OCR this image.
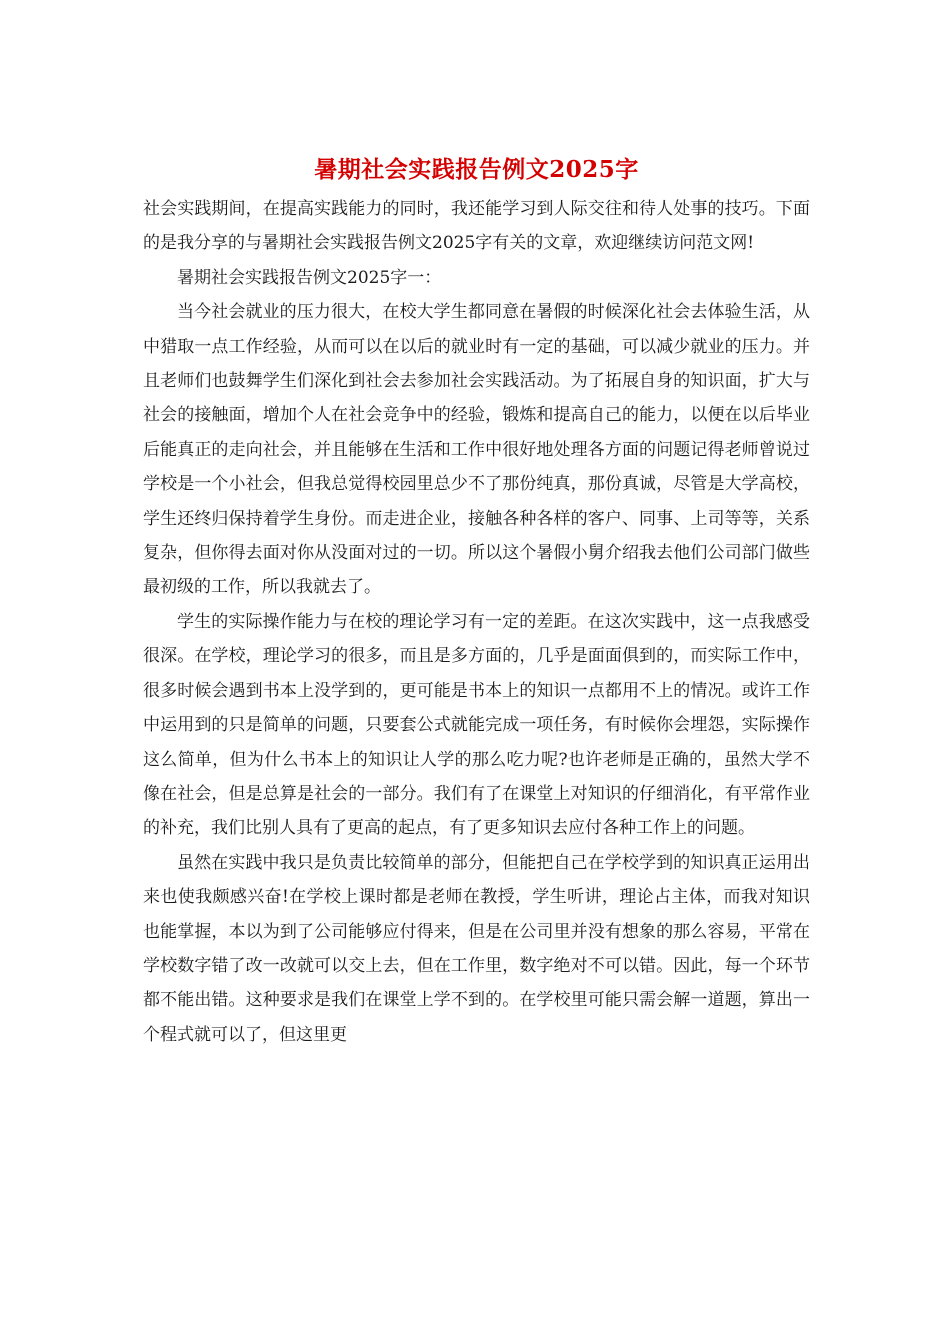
暑期社会实践报告例文2025字

社会实践期间，在提高实践能力的同时，我还能学习到人际交往和待人处事的技巧。下面的是我分享的与暑期社会实践报告例文2025字有关的文章，欢迎继续访问范文网!

暑期社会实践报告例文2025字一：

当今社会就业的压力很大，在校大学生都同意在暑假的时候深化社会去体验生活，从中猎取一点工作经验，从而可以在以后的就业时有一定的基础，可以减少就业的压力。并且老师们也鼓舞学生们深化到社会去参加社会实践活动。为了拓展自身的知识面，扩大与社会的接触面，增加个人在社会竞争中的经验，锻炼和提高自己的能力，以便在以后毕业后能真正的走向社会，并且能够在生活和工作中很好地处理各方面的问题记得老师曾说过学校是一个小社会，但我总觉得校园里总少不了那份纯真，那份真诚，尽管是大学高校，学生还终归保持着学生身份。而走进企业，接触各种各样的客户、同事、上司等等，关系复杂，但你得去面对你从没面对过的一切。所以这个暑假小舅介绍我去他们公司部门做些最初级的工作，所以我就去了。

学生的实际操作能力与在校的理论学习有一定的差距。在这次实践中，这一点我感受很深。在学校，理论学习的很多，而且是多方面的，几乎是面面俱到的，而实际工作中，很多时候会遇到书本上没学到的，更可能是书本上的知识一点都用不上的情况。或许工作中运用到的只是简单的问题，只要套公式就能完成一项任务，有时候你会埋怨，实际操作这么简单，但为什么书本上的知识让人学的那么吃力呢?也许老师是正确的，虽然大学不像在社会，但是总算是社会的一部分。我们有了在课堂上对知识的仔细消化，有平常作业的补充，我们比别人具有了更高的起点，有了更多知识去应付各种工作上的问题。

虽然在实践中我只是负责比较简单的部分，但能把自己在学校学到的知识真正运用出来也使我颇感兴奋!在学校上课时都是老师在教授，学生听讲，理论占主体，而我对知识也能掌握，本以为到了公司能够应付得来，但是在公司里并没有想象的那么容易，平常在学校数字错了改一改就可以交上去，但在工作里，数字绝对不可以错。因此，每一个环节都不能出错。这种要求是我们在课堂上学不到的。在学校里可能只需会解一道题，算出一个程式就可以了，但这里更
